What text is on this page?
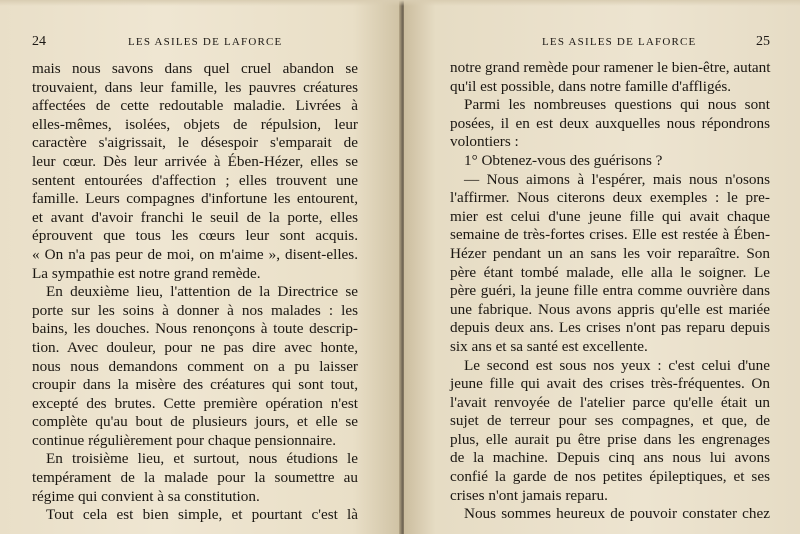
24	LES ASILES DE LAFORCE
mais nous savons dans quel cruel abandon se
trouvaient, dans leur famille, les pauvres créatures
affectées de cette redoutable maladie. Livrées à
elles-mêmes, isolées, objets de répulsion, leur
caractère s'aigrissait, le désespoir s'emparait de
leur cœur. Dès leur arrivée à Ében-Hézer, elles se
sentent entourées d'affection ; elles trouvent une
famille. Leurs compagnes d'infortune les entourent,
et avant d'avoir franchi le seuil de la porte, elles
éprouvent que tous les cœurs leur sont acquis.
« On n'a pas peur de moi, on m'aime », disent-elles.
La sympathie est notre grand remède.
En deuxième lieu, l'attention de la Directrice se
porte sur les soins à donner à nos malades : les
bains, les douches. Nous renonçons à toute descrip-
tion. Avec douleur, pour ne pas dire avec honte,
nous nous demandons comment on a pu laisser
croupir dans la misère des créatures qui sont tout,
excepté des brutes. Cette première opération n'est
complète qu'au bout de plusieurs jours, et elle se
continue régulièrement pour chaque pensionnaire.
En troisième lieu, et surtout, nous étudions le
tempérament de la malade pour la soumettre au
régime qui convient à sa constitution.
Tout cela est bien simple, et pourtant c'est là
LES ASILES DE LAFORCE	25
notre grand remède pour ramener le bien-être, autant
qu'il est possible, dans notre famille d'affligés.
Parmi les nombreuses questions qui nous sont
posées, il en est deux auxquelles nous répondrons
volontiers :
1° Obtenez-vous des guérisons ?
— Nous aimons à l'espérer, mais nous n'osons
l'affirmer. Nous citerons deux exemples : le pre-
mier est celui d'une jeune fille qui avait chaque
semaine de très-fortes crises. Elle est restée à Ében-
Hézer pendant un an sans les voir reparaître. Son
père étant tombé malade, elle alla le soigner. Le
père guéri, la jeune fille entra comme ouvrière dans
une fabrique. Nous avons appris qu'elle est mariée
depuis deux ans. Les crises n'ont pas reparu depuis
six ans et sa santé est excellente.
Le second est sous nos yeux : c'est celui d'une
jeune fille qui avait des crises très-fréquentes. On
l'avait renvoyée de l'atelier parce qu'elle était un
sujet de terreur pour ses compagnes, et que, de
plus, elle aurait pu être prise dans les engrenages
de la machine. Depuis cinq ans nous lui avons
confié la garde de nos petites épileptiques, et ses
crises n'ont jamais reparu.
Nous sommes heureux de pouvoir constater chez
